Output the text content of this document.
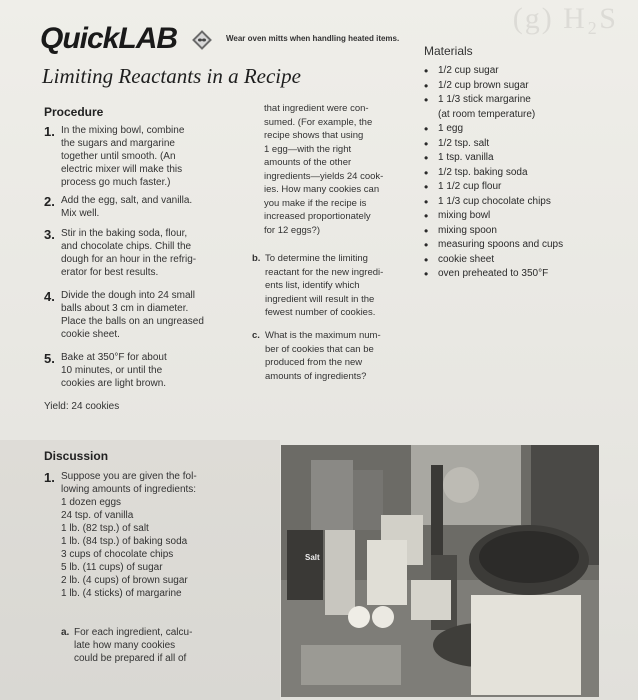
(g) H₂S
QuickLAB	Wear oven mitts when handling heated items.
Limiting Reactants in a Recipe
Procedure
1. In the mixing bowl, combine
the sugars and margarine
together until smooth. (An
electric mixer will make this
process go much faster.)
2. Add the egg, salt, and vanilla.
Mix well.
3. Stir in the baking soda, flour,
and chocolate chips. Chill the
dough for an hour in the refrig-
erator for best results.
4. Divide the dough into 24 small
balls about 3 cm in diameter.
Place the balls on an ungreased
cookie sheet.
5. Bake at 350°F for about
10 minutes, or until the
cookies are light brown.
Yield: 24 cookies
that ingredient were con-
sumed. (For example, the
recipe shows that using
1 egg—with the right
amounts of the other
ingredients—yields 24 cook-
ies. How many cookies can
you make if the recipe is
increased proportionately
for 12 eggs?)
b. To determine the limiting
reactant for the new ingredi-
ents list, identify which
ingredient will result in the
fewest number of cookies.
c. What is the maximum num-
ber of cookies that can be
produced from the new
amounts of ingredients?
Materials
• 1/2 cup sugar
• 1/2 cup brown sugar
• 1 1/3 stick margarine
(at room temperature)
• 1 egg
• 1/2 tsp. salt
• 1 tsp. vanilla
• 1/2 tsp. baking soda
• 1 1/2 cup flour
• 1 1/3 cup chocolate chips
• mixing bowl
• mixing spoon
• measuring spoons and cups
• cookie sheet
• oven preheated to 350°F
Discussion
1. Suppose you are given the fol-
lowing amounts of ingredients:
1 dozen eggs
24 tsp. of vanilla
1 lb. (82 tsp.) of salt
1 lb. (84 tsp.) of baking soda
3 cups of chocolate chips
5 lb. (11 cups) of sugar
2 lb. (4 cups) of brown sugar
1 lb. (4 sticks) of margarine
a. For each ingredient, calcu-
late how many cookies
could be prepared if all of
Salt
